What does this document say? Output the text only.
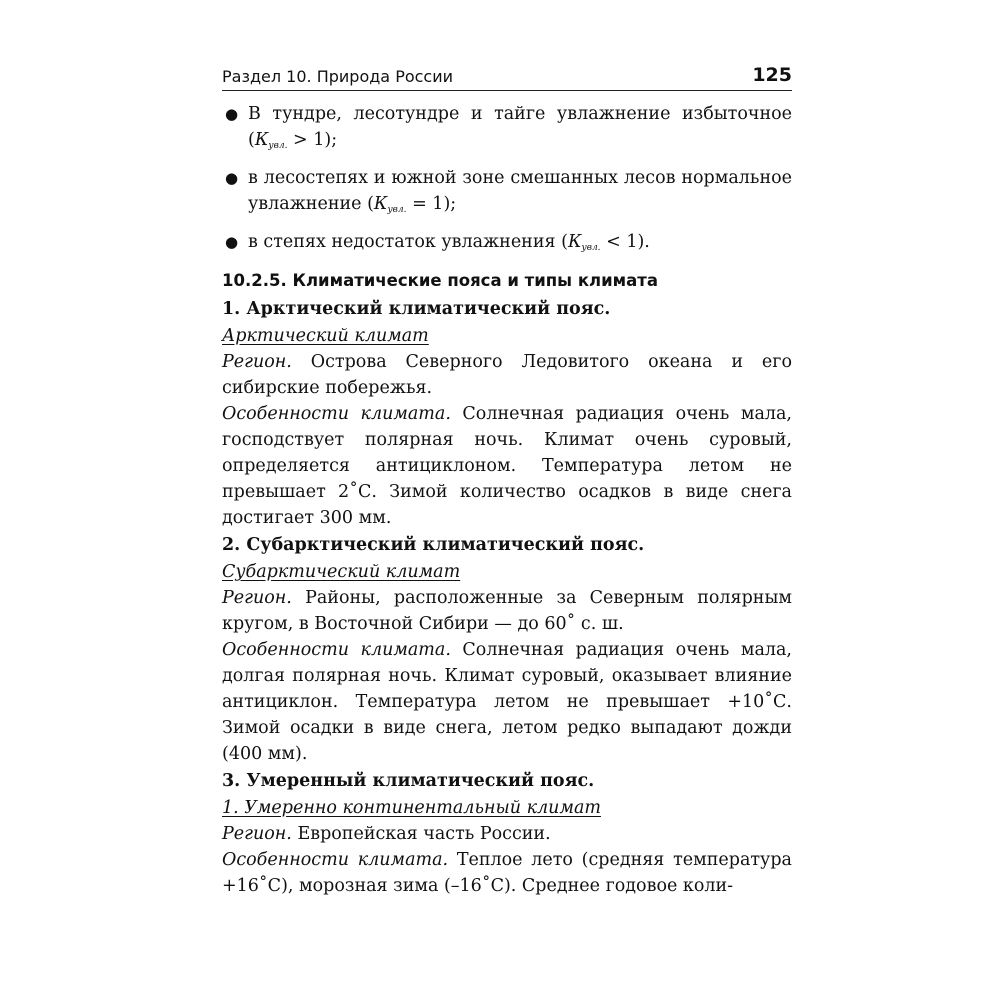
Раздел 10. Природа России	125
● В тундре, лесотундре и тайге увлажнение избыточное $(К_{увл.} > 1)$;
● в лесостепях и южной зоне смешанных лесов нормальное увлажнение $(К_{увл.} = 1)$;
● в степях недостаток увлажнения $(К_{увл.} < 1)$.

10.2.5. Климатические пояса и типы климата

1. Арктический климатический пояс.

Арктический климат

Регион. Острова Северного Ледовитого океана и его сибирские побережья.

Особенности климата. Солнечная радиация очень мала, господствует полярная ночь. Климат очень суровый, определяется антициклоном. Температура летом не превышает 2˚С. Зимой количество осадков в виде снега достигает 300 мм.

2. Субарктический климатический пояс.

Субарктический климат

Регион. Районы, расположенные за Северным полярным кругом, в Восточной Сибири — до 60˚ с. ш.

Особенности климата. Солнечная радиация очень мала, долгая полярная ночь. Климат суровый, оказывает влияние антициклон. Температура летом не превышает +10˚С. Зимой осадки в виде снега, летом редко выпадают дожди (400 мм).

3. Умеренный климатический пояс.

1. Умеренно континентальный климат

Регион. Европейская часть России.

Особенности климата. Теплое лето (средняя температура +16˚С), морозная зима (–16˚С). Среднее годовое коли-
